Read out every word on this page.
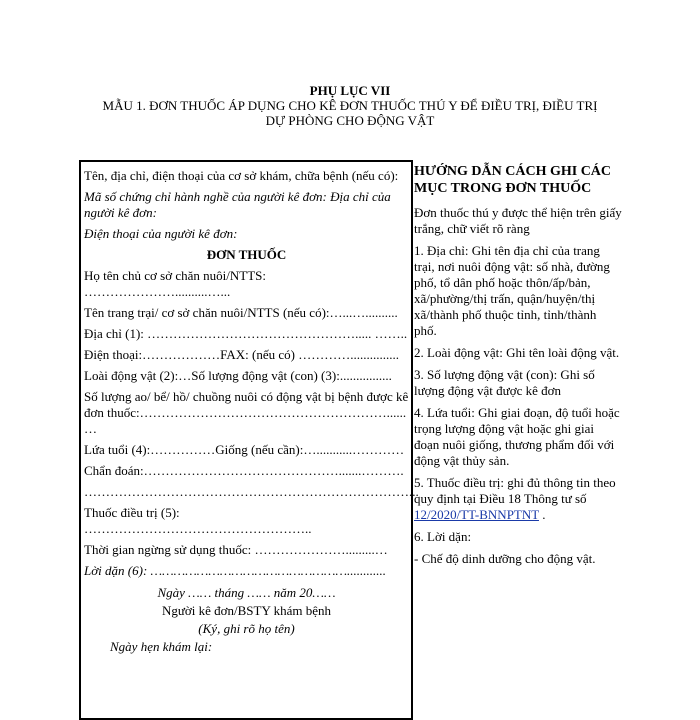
PHỤ LỤC VII
MẪU 1. ĐƠN THUỐC ÁP DỤNG CHO KÊ ĐƠN THUỐC THÚ Y ĐỂ ĐIỀU TRỊ, ĐIỀU TRỊ
DỰ PHÒNG CHO ĐỘNG VẬT

Tên, địa chỉ, điện thoại của cơ sở khám, chữa bệnh (nếu có):

Mã số chứng chỉ hành nghề của người kê đơn: Địa chỉ của người kê đơn:

Điện thoại của người kê đơn:

ĐƠN THUỐC

Họ tên chủ cơ sở chăn nuôi/NTTS: …………………..........…...

Tên trang trại/ cơ sở chăn nuôi/NTTS (nếu có):…...…..........

Địa chỉ (1): …………………………………………..... ……..

Điện thoại:………………FAX: (nếu có) …………...............

Loài động vật (2):…Số lượng động vật (con) (3):................

Số lượng ao/ bể/ hồ/ chuồng nuôi có động vật bị bệnh được kê đơn thuốc:…………………………………………………...... …

Lứa tuổi (4):……………Giống (nếu cần):…...........…………

Chẩn đoán:……………………………………….......……….

…………………………………………………………………...

Thuốc điều trị (5): ……………………………………………..

Thời gian ngừng sử dụng thuốc: ………………….........…

Lời dặn (6): ……………………………………………............

Ngày …… tháng …… năm 20……

Người kê đơn/BSTY khám bệnh

(Ký, ghi rõ họ tên)

Ngày hẹn khám lại:

HƯỚNG DẪN CÁCH GHI CÁC MỤC TRONG ĐƠN THUỐC

Đơn thuốc thú y được thể hiện trên giấy trắng, chữ viết rõ ràng

1. Địa chỉ: Ghi tên địa chỉ của trang trại, nơi nuôi động vật: số nhà, đường phố, tổ dân phố hoặc thôn/ấp/bản, xã/phường/thị trấn, quận/huyện/thị xã/thành phố thuộc tỉnh, tỉnh/thành phố.

2. Loài động vật: Ghi tên loài động vật.

3. Số lượng động vật (con): Ghi số lượng động vật được kê đơn

4. Lứa tuổi: Ghi giai đoạn, độ tuổi hoặc trọng lượng động vật hoặc ghi giai đoạn nuôi giống, thương phẩm đối với động vật thủy sản.

5. Thuốc điều trị: ghi đủ thông tin theo quy định tại Điều 18 Thông tư số 12/2020/TT-BNNPTNT .

6. Lời dặn:

- Chế độ dinh dưỡng cho động vật.
